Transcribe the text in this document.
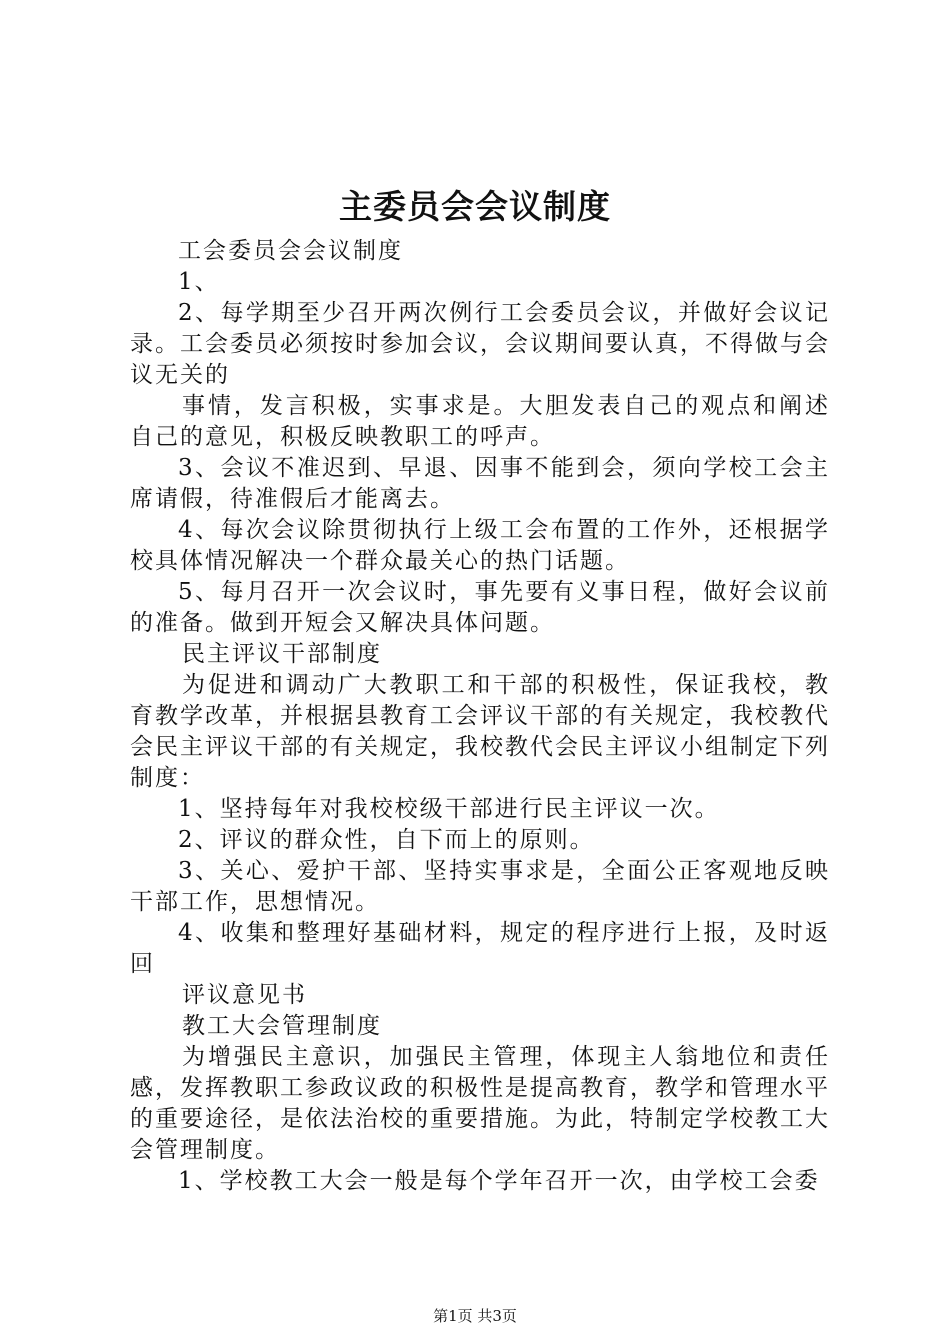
主委员会会议制度

工会委员会会议制度

1、

2、每学期至少召开两次例行工会委员会议，并做好会议记录。工会委员必须按时参加会议，会议期间要认真，不得做与会议无关的

事情，发言积极，实事求是。大胆发表自己的观点和阐述自己的意见，积极反映教职工的呼声。

3、会议不准迟到、早退、因事不能到会，须向学校工会主席请假，待准假后才能离去。

4、每次会议除贯彻执行上级工会布置的工作外，还根据学校具体情况解决一个群众最关心的热门话题。

5、每月召开一次会议时，事先要有义事日程，做好会议前的准备。做到开短会又解决具体问题。

民主评议干部制度

为促进和调动广大教职工和干部的积极性，保证我校，教育教学改革，并根据县教育工会评议干部的有关规定，我校教代会民主评议干部的有关规定，我校教代会民主评议小组制定下列制度：

1、坚持每年对我校校级干部进行民主评议一次。

2、评议的群众性，自下而上的原则。

3、关心、爱护干部、坚持实事求是，全面公正客观地反映干部工作，思想情况。

4、收集和整理好基础材料，规定的程序进行上报，及时返回

评议意见书

教工大会管理制度

为增强民主意识，加强民主管理，体现主人翁地位和责任感，发挥教职工参政议政的积极性是提高教育，教学和管理水平的重要途径，是依法治校的重要措施。为此，特制定学校教工大会管理制度。

1、学校教工大会一般是每个学年召开一次，由学校工会委

第1页 共3页
